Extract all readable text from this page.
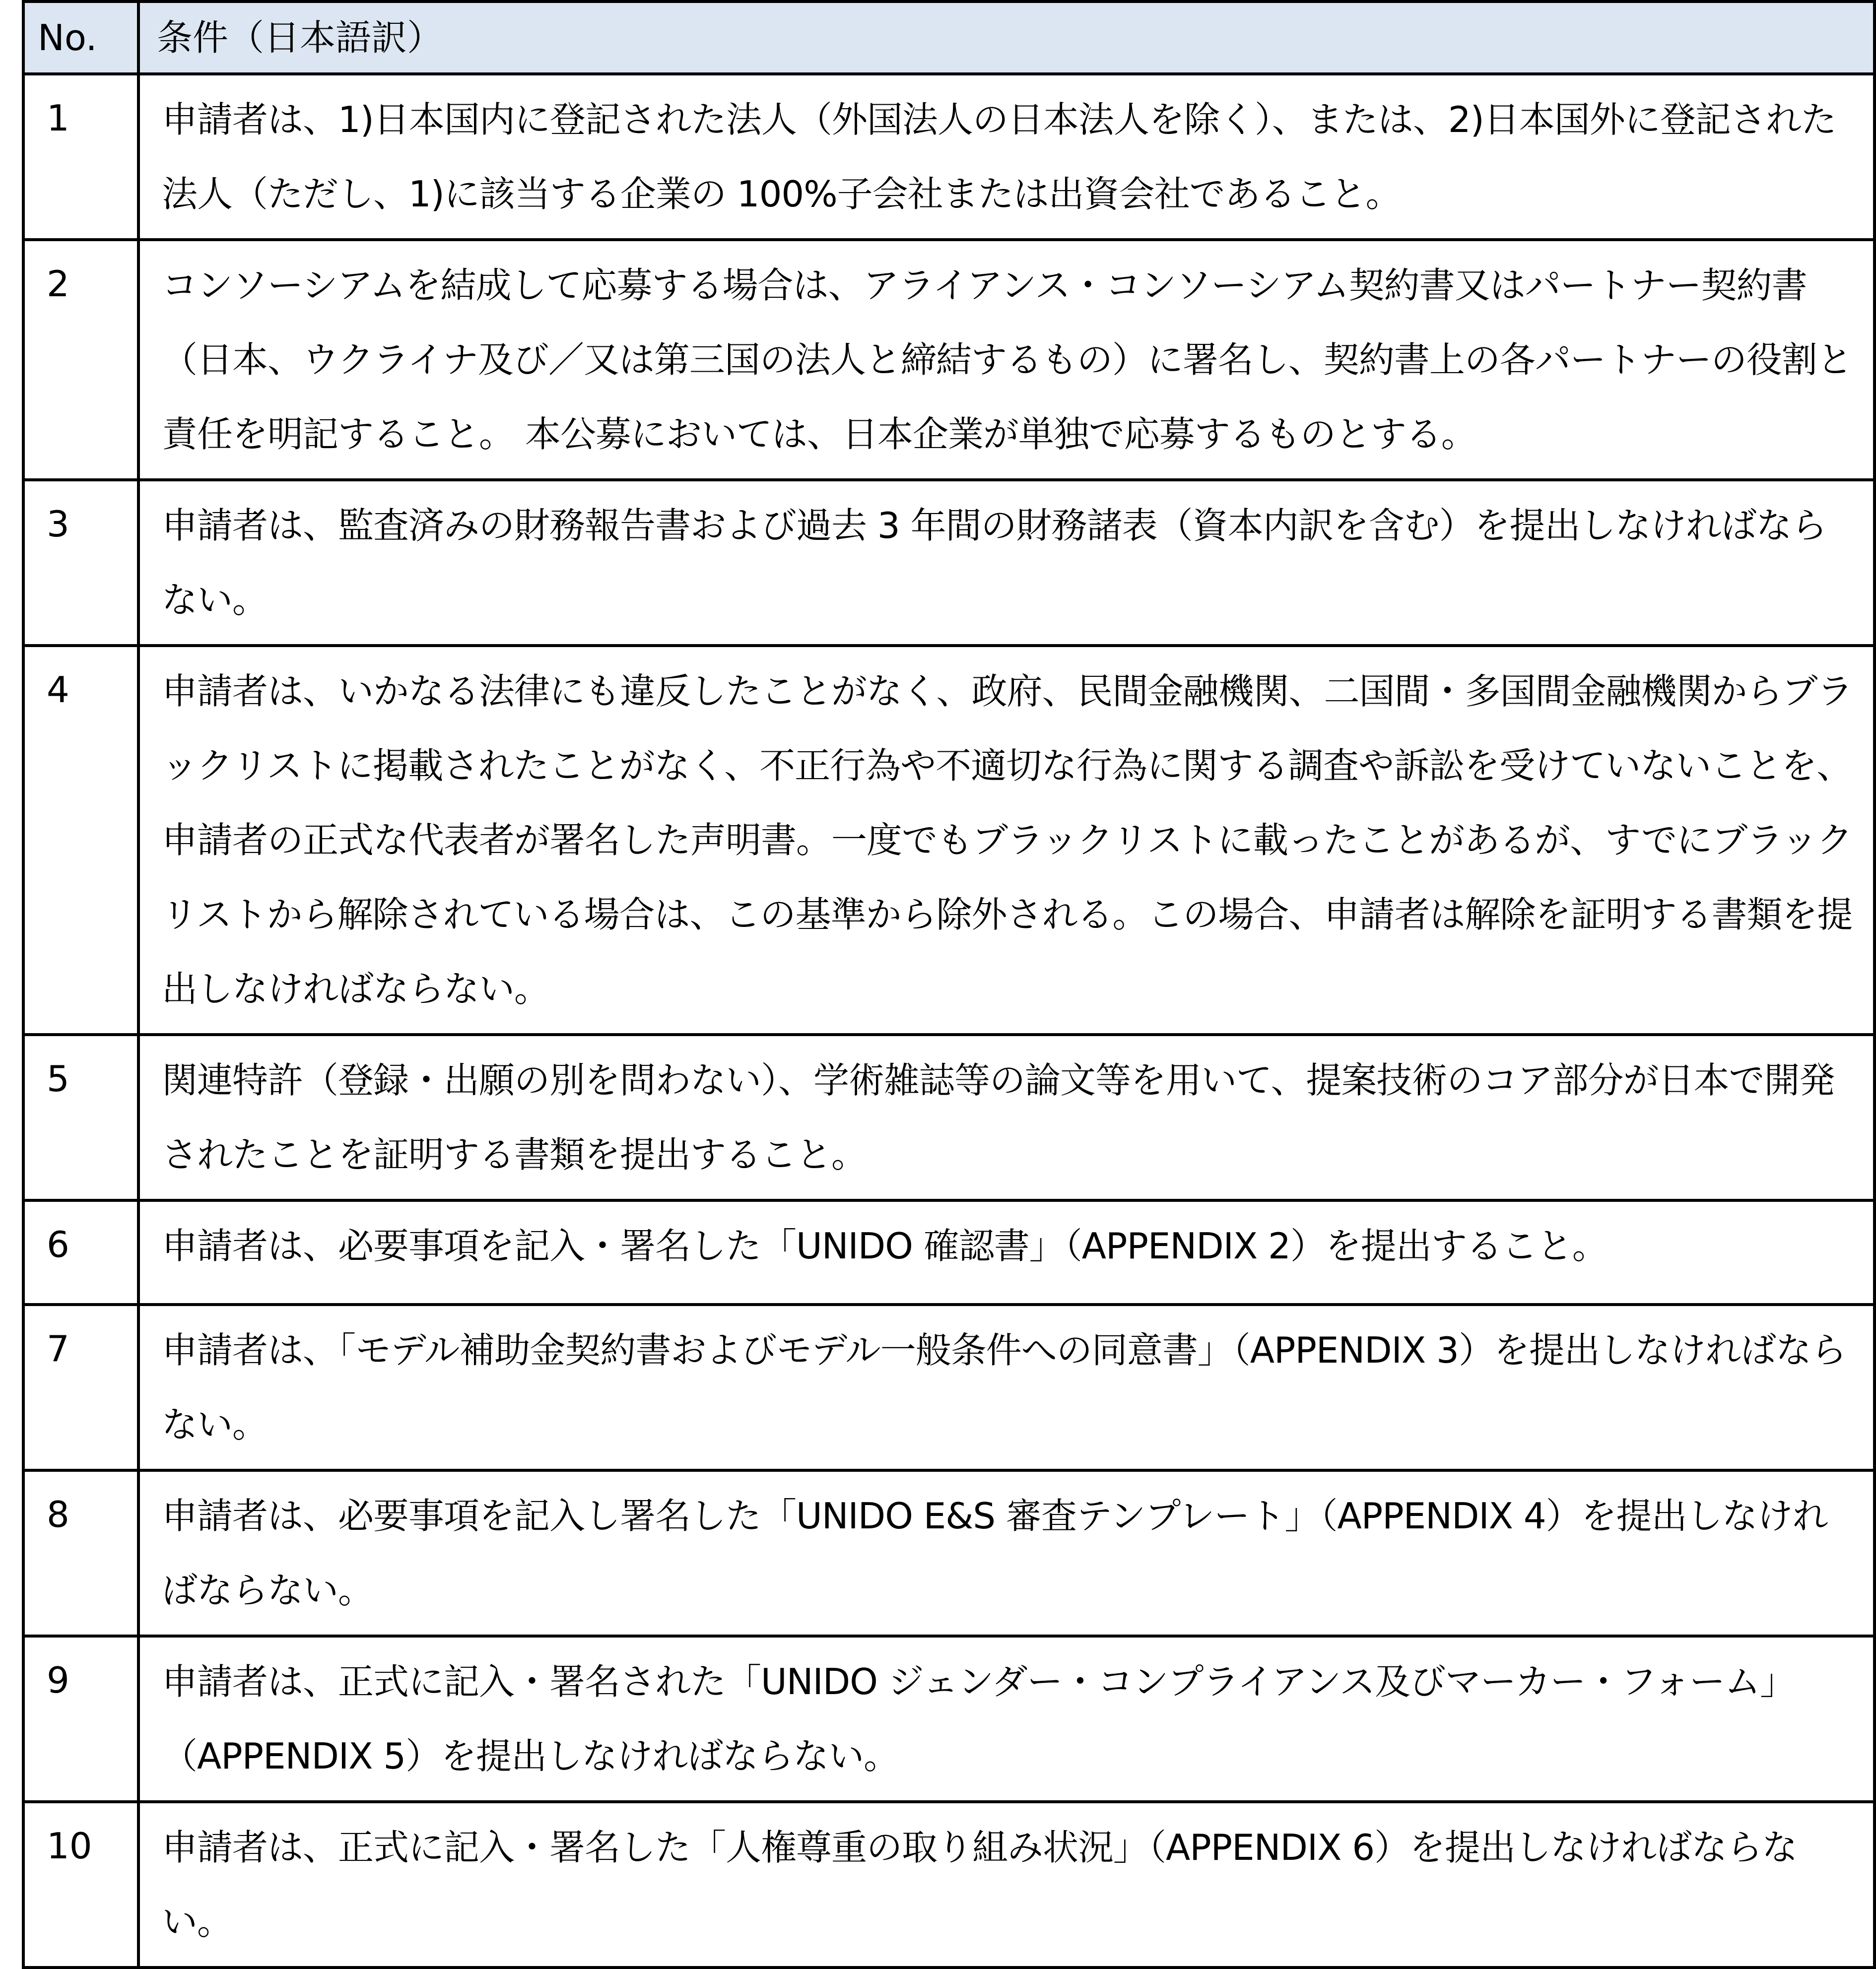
No.	条件（日本語訳）
1	申請者は、1)日本国内に登記された法人（外国法人の日本法人を除く）、または、2)日本国外に登記された法人（ただし、1)に該当する企業の 100%子会社または出資会社であること。
2	コンソーシアムを結成して応募する場合は、アライアンス・コンソーシアム契約書又はパートナー契約書（日本、ウクライナ及び／又は第三国の法人と締結するもの）に署名し、契約書上の各パートナーの役割と責任を明記すること。 本公募においては、日本企業が単独で応募するものとする。
3	申請者は、監査済みの財務報告書および過去 3 年間の財務諸表（資本内訳を含む）を提出しなければならない。
4	申請者は、いかなる法律にも違反したことがなく、政府、民間金融機関、二国間・多国間金融機関からブラックリストに掲載されたことがなく、不正行為や不適切な行為に関する調査や訴訟を受けていないことを、申請者の正式な代表者が署名した声明書。一度でもブラックリストに載ったことがあるが、すでにブラックリストから解除されている場合は、この基準から除外される。この場合、申請者は解除を証明する書類を提出しなければならない。
5	関連特許（登録・出願の別を問わない）、学術雑誌等の論文等を用いて、提案技術のコア部分が日本で開発されたことを証明する書類を提出すること。
6	申請者は、必要事項を記入・署名した「UNIDO 確認書」（APPENDIX 2）を提出すること。
7	申請者は、「モデル補助金契約書およびモデル一般条件への同意書」（APPENDIX 3）を提出しなければならない。
8	申請者は、必要事項を記入し署名した「UNIDO E&S 審査テンプレート」（APPENDIX 4）を提出しなければならない。
9	申請者は、正式に記入・署名された「UNIDO ジェンダー・コンプライアンス及びマーカー・フォーム」（APPENDIX 5）を提出しなければならない。
10	申請者は、正式に記入・署名した「人権尊重の取り組み状況」（APPENDIX 6）を提出しなければならない。
